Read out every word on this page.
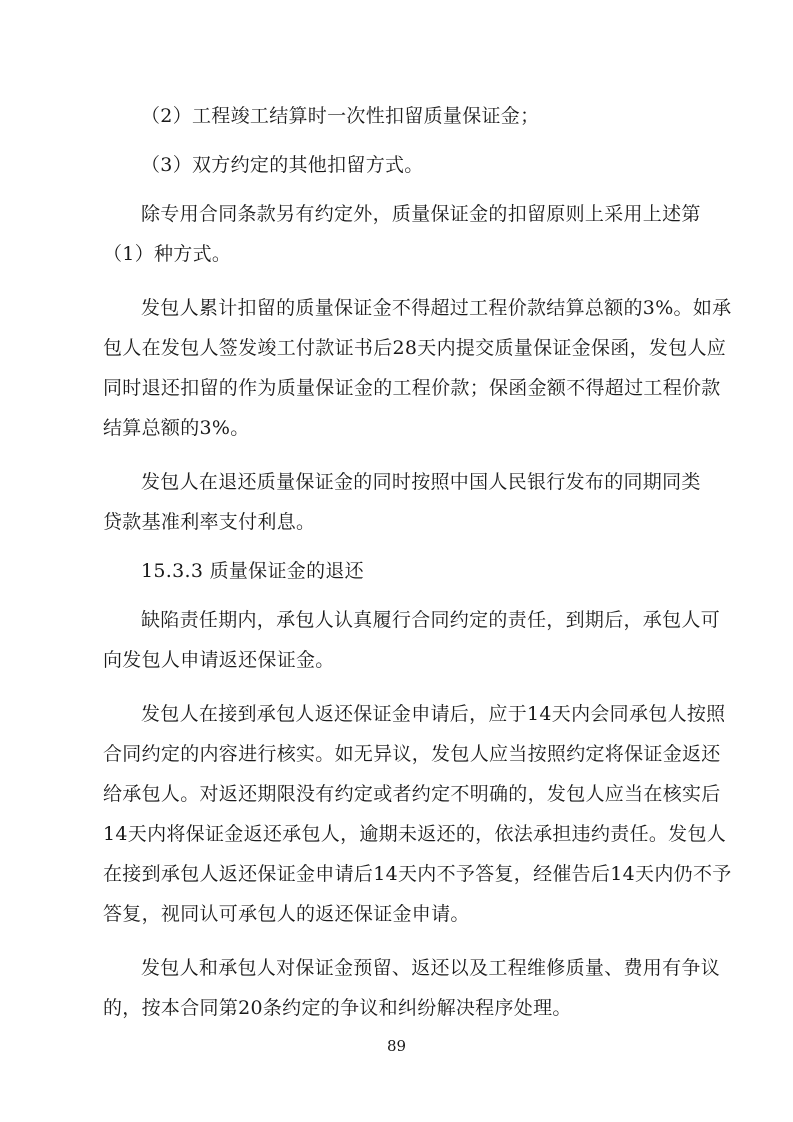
（2）工程竣工结算时一次性扣留质量保证金；
（3）双方约定的其他扣留方式。
除专用合同条款另有约定外，质量保证金的扣留原则上采用上述第
（1）种方式。
发包人累计扣留的质量保证金不得超过工程价款结算总额的3%。如承
包人在发包人签发竣工付款证书后28天内提交质量保证金保函，发包人应
同时退还扣留的作为质量保证金的工程价款；保函金额不得超过工程价款
结算总额的3%。
发包人在退还质量保证金的同时按照中国人民银行发布的同期同类
贷款基准利率支付利息。
15.3.3 质量保证金的退还
缺陷责任期内，承包人认真履行合同约定的责任，到期后，承包人可
向发包人申请返还保证金。
发包人在接到承包人返还保证金申请后，应于14天内会同承包人按照
合同约定的内容进行核实。如无异议，发包人应当按照约定将保证金返还
给承包人。对返还期限没有约定或者约定不明确的，发包人应当在核实后
14天内将保证金返还承包人，逾期未返还的，依法承担违约责任。发包人
在接到承包人返还保证金申请后14天内不予答复，经催告后14天内仍不予
答复，视同认可承包人的返还保证金申请。
发包人和承包人对保证金预留、返还以及工程维修质量、费用有争议
的，按本合同第20条约定的争议和纠纷解决程序处理。
89
